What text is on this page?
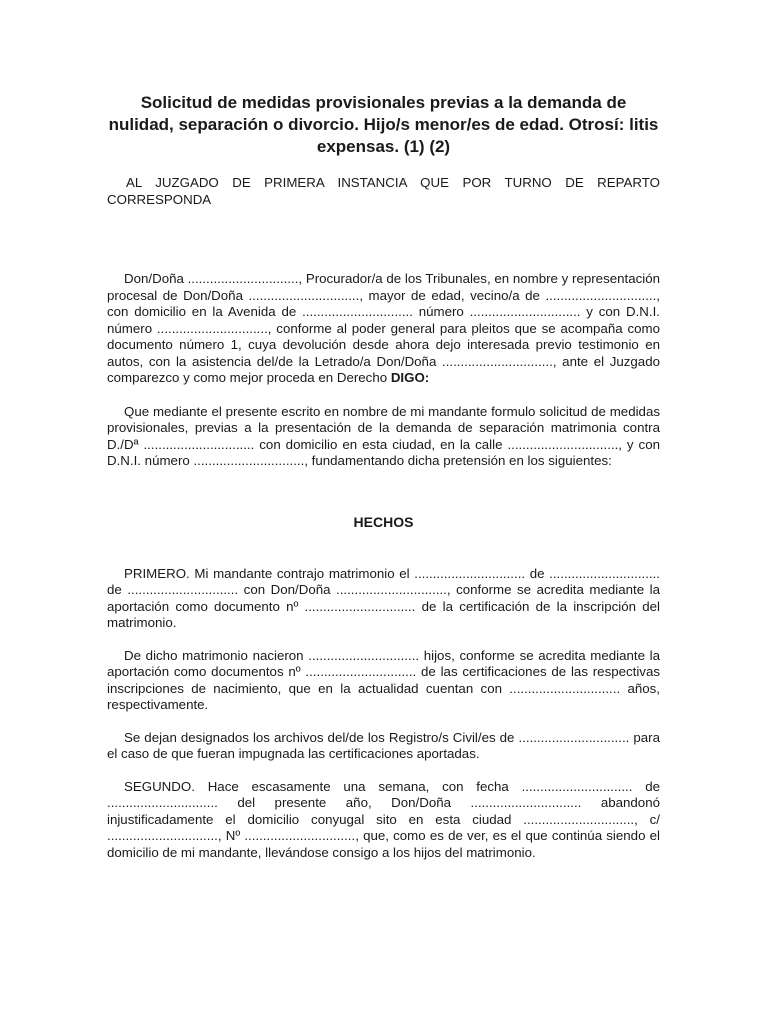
Solicitud de medidas provisionales previas a la demanda de nulidad, separación o divorcio. Hijo/s menor/es de edad. Otrosí: litis expensas. (1) (2)

AL JUZGADO DE PRIMERA INSTANCIA QUE POR TURNO DE REPARTO CORRESPONDA

Don/Doña .............................., Procurador/a de los Tribunales, en nombre y representación procesal de Don/Doña .............................., mayor de edad, vecino/a de .............................., con domicilio en la Avenida de .............................. número .............................. y con D.N.I. número .............................., conforme al poder general para pleitos que se acompaña como documento número 1, cuya devolución desde ahora dejo interesada previo testimonio en autos, con la asistencia del/de la Letrado/a Don/Doña .............................., ante el Juzgado comparezco y como mejor proceda en Derecho DIGO:

Que mediante el presente escrito en nombre de mi mandante formulo solicitud de medidas provisionales, previas a la presentación de la demanda de separación matrimonia contra D./Dª .............................. con domicilio en esta ciudad, en la calle .............................., y con D.N.I. número .............................., fundamentando dicha pretensión en los siguientes:

HECHOS

PRIMERO. Mi mandante contrajo matrimonio el .............................. de .............................. de .............................. con Don/Doña .............................., conforme se acredita mediante la aportación como documento nº .............................. de la certificación de la inscripción del matrimonio.

De dicho matrimonio nacieron .............................. hijos, conforme se acredita mediante la aportación como documentos nº .............................. de las certificaciones de las respectivas inscripciones de nacimiento, que en la actualidad cuentan con .............................. años, respectivamente.

Se dejan designados los archivos del/de los Registro/s Civil/es de .............................. para el caso de que fueran impugnada las certificaciones aportadas.

SEGUNDO. Hace escasamente una semana, con fecha .............................. de .............................. del presente año, Don/Doña .............................. abandonó injustificadamente el domicilio conyugal sito en esta ciudad .............................., c/ .............................., Nº .............................., que, como es de ver, es el que continúa siendo el domicilio de mi mandante, llevándose consigo a los hijos del matrimonio.
